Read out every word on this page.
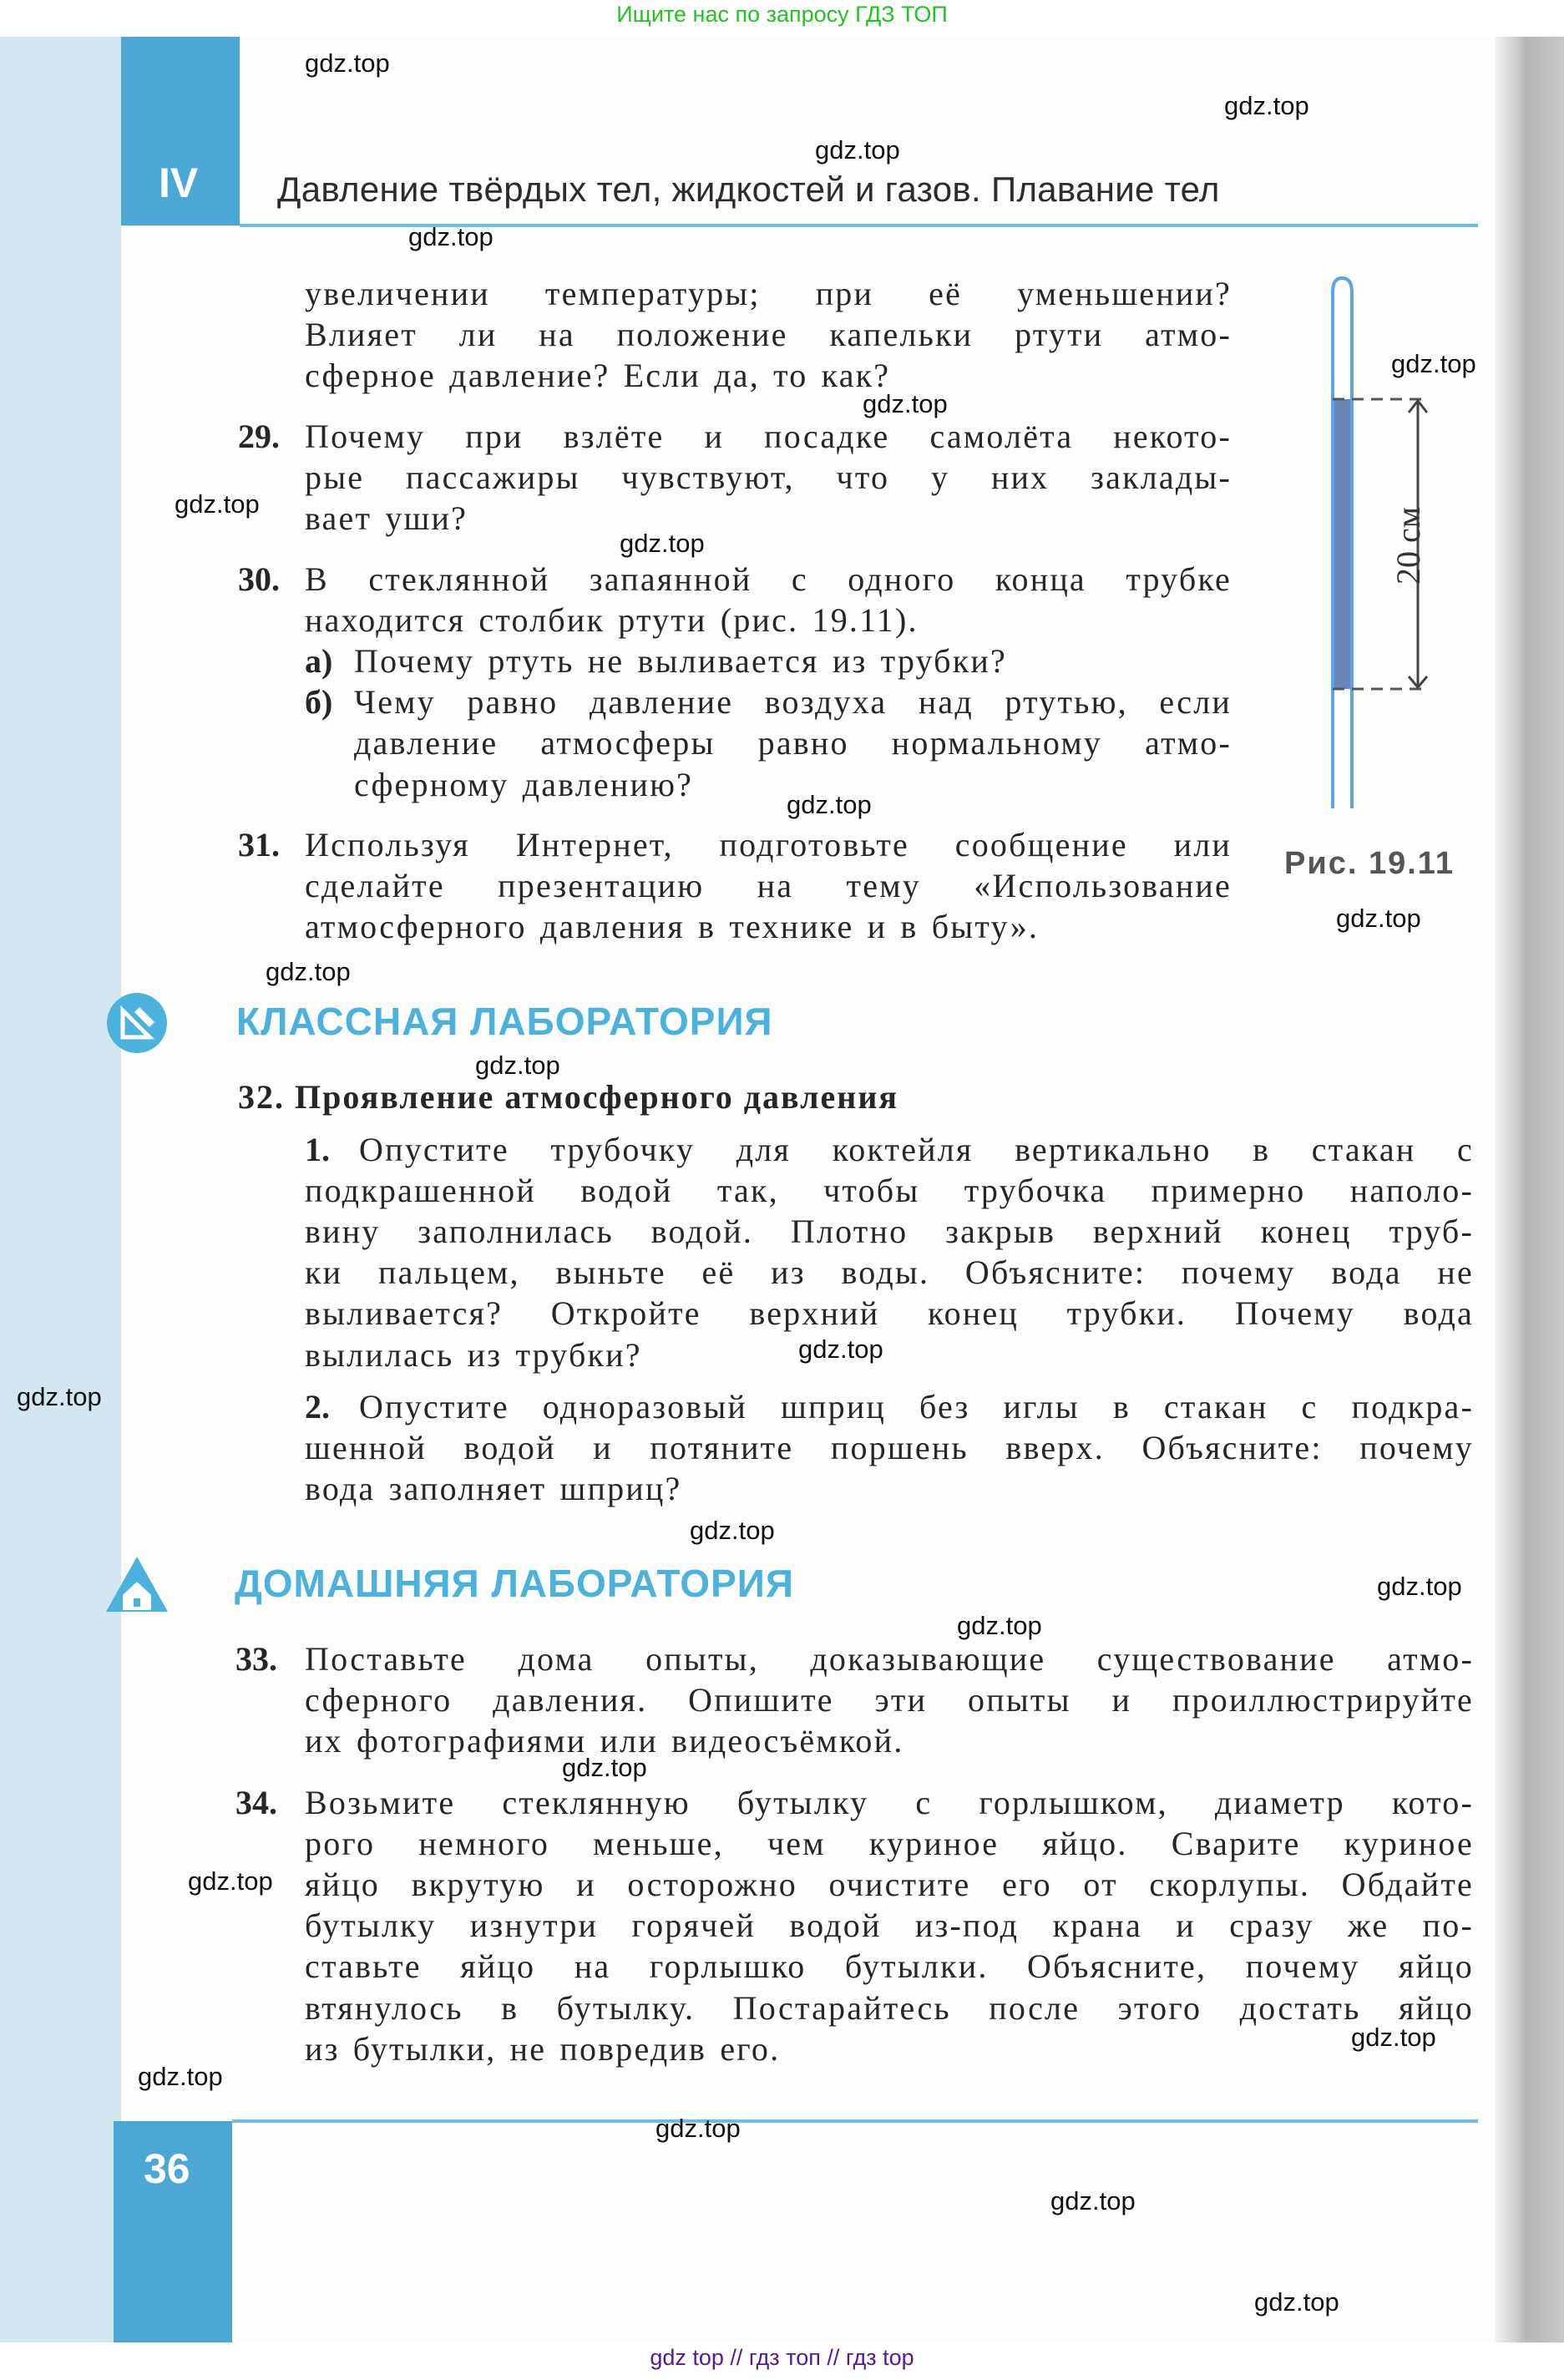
Ищите нас по запросу ГДЗ ТОП
IV Давление твёрдых тел, жидкостей и газов. Плавание тел
20 см
Рис. 19.11
КЛАССНАЯ ЛАБОРАТОРИЯ
32. Проявление атмосферного давления
ДОМАШНЯЯ ЛАБОРАТОРИЯ
увеличении температуры; при её уменьшении?
Влияет ли на положение капельки ртути атмо-
сферное давление? Если да, то как?
29. Почему при взлёте и посадке самолёта некото-
рые пассажиры чувствуют, что у них заклады-
вает уши?
30. В стеклянной запаянной с одного конца трубке
находится столбик ртути (рис. 19.11).
а) Почему ртуть не выливается из трубки?
б) Чему равно давление воздуха над ртутью, если
давление атмосферы равно нормальному атмо-
сферному давлению?
31. Используя Интернет, подготовьте сообщение или
сделайте презентацию на тему «Использование
атмосферного давления в технике и в быту».
1. Опустите трубочку для коктейля вертикально в стакан с
подкрашенной водой так, чтобы трубочка примерно наполо-
вину заполнилась водой. Плотно закрыв верхний конец труб-
ки пальцем, выньте её из воды. Объясните: почему вода не
выливается? Откройте верхний конец трубки. Почему вода
вылилась из трубки?
2. Опустите одноразовый шприц без иглы в стакан с подкра-
шенной водой и потяните поршень вверх. Объясните: почему
вода заполняет шприц?
33. Поставьте дома опыты, доказывающие существование атмо-
сферного давления. Опишите эти опыты и проиллюстрируйте
их фотографиями или видеосъёмкой.
34. Возьмите стеклянную бутылку с горлышком, диаметр кото-
рого немного меньше, чем куриное яйцо. Сварите куриное
яйцо вкрутую и осторожно очистите его от скорлупы. Обдайте
бутылку изнутри горячей водой из-под крана и сразу же по-
ставьте яйцо на горлышко бутылки. Объясните, почему яйцо
втянулось в бутылку. Постарайтесь после этого достать яйцо
из бутылки, не повредив его.
36
gdz.top
gdz.top
gdz.top
gdz.top
gdz.top
gdz.top
gdz.top
gdz.top
gdz.top
gdz.top
gdz.top
gdz.top
gdz.top
gdz.top
gdz.top
gdz.top
gdz.top
gdz.top
gdz.top
gdz.top
gdz.top
gdz.top
gdz.top
gdz.top
gdz top // гдз топ // гдз top
